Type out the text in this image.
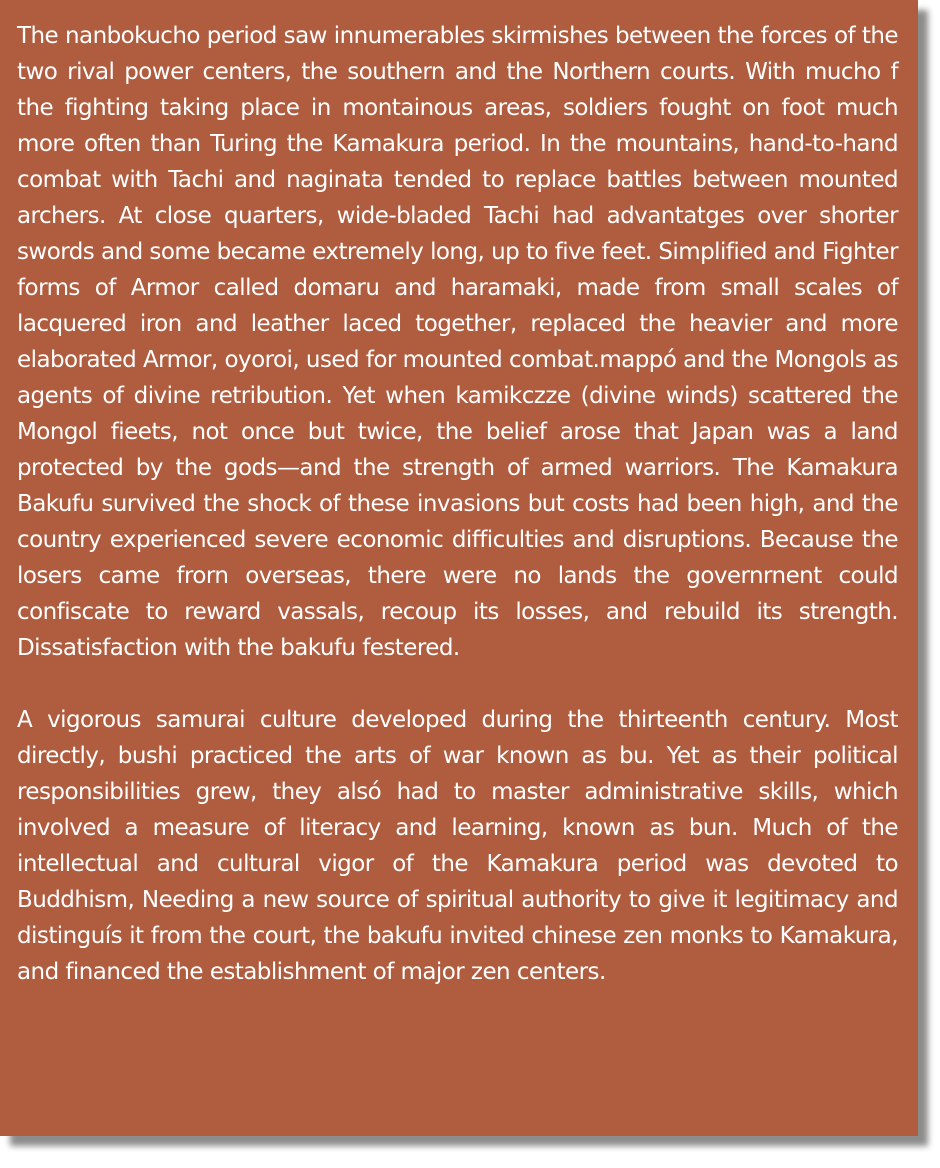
The nanbokucho period saw innumerables skirmishes between the forces of the two rival power centers, the southern and the Northern courts. With mucho f the fighting taking place in montainous areas, soldiers fought on foot much more often than Turing the Kamakura period. In the mountains, hand-to-hand combat with Tachi and naginata tended to replace battles between mounted archers. At close quarters, wide-bladed Tachi had advantatges over shorter swords and some became extremely long, up to five feet. Simplified and Fighter forms of Armor called domaru and haramaki, made from small scales of lacquered iron and leather laced together, replaced the heavier and more elaborated Armor, oyoroi, used for mounted combat.mappó and the Mongols as agents of divine retribution. Yet when kamikczze (divine winds) scattered the Mongol fieets, not once but twice, the belief arose that Japan was a land protected by the gods—and the strength of armed warriors. The Kamakura Bakufu survived the shock of these invasions but costs had been high, and the country experienced severe economic difficulties and disruptions. Because the losers came frorn overseas, there were no lands the governrnent could confiscate to reward vassals, recoup its losses, and rebuild its strength. Dissatisfaction with the bakufu festered.

A vigorous samurai culture developed during the thirteenth century. Most directly, bushi practiced the arts of war known as bu. Yet as their political responsibilities grew, they alsó had to master administrative skills, which involved a measure of literacy and learning, known as bun. Much of the intellectual and cultural vigor of the Kamakura period was devoted to Buddhism, Needing a new source of spiritual authority to give it legitimacy and distinguís it from the court, the bakufu invited chinese zen monks to Kamakura, and financed the establishment of major zen centers.
